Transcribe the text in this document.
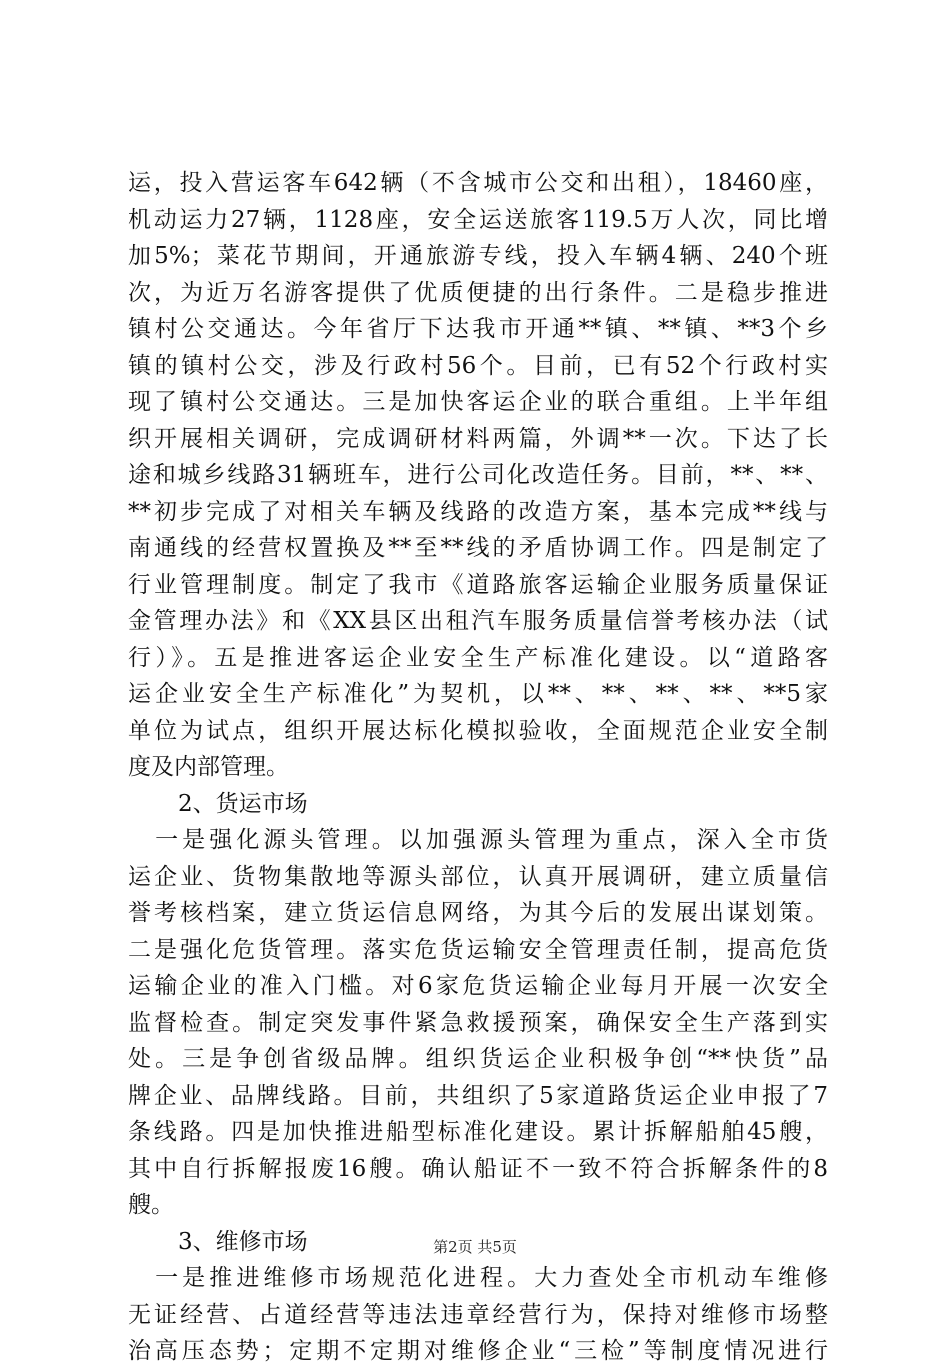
运，投入营运客车642辆（不含城市公交和出租），18460座，
机动运力27辆，1128座，安全运送旅客119.5万人次，同比增
加5%；菜花节期间，开通旅游专线，投入车辆4辆、240个班
次，为近万名游客提供了优质便捷的出行条件。二是稳步推进
镇村公交通达。今年省厅下达我市开通**镇、**镇、**3个乡
镇的镇村公交，涉及行政村56个。目前，已有52个行政村实
现了镇村公交通达。三是加快客运企业的联合重组。上半年组
织开展相关调研，完成调研材料两篇，外调**一次。下达了长
途和城乡线路31辆班车，进行公司化改造任务。目前，**、**、
**初步完成了对相关车辆及线路的改造方案，基本完成**线与
南通线的经营权置换及**至**线的矛盾协调工作。四是制定了
行业管理制度。制定了我市《道路旅客运输企业服务质量保证
金管理办法》和《XX县区出租汽车服务质量信誉考核办法（试
行）》。五是推进客运企业安全生产标准化建设。以“道路客
运企业安全生产标准化”为契机，以**、**、**、**、**5家
单位为试点，组织开展达标化模拟验收，全面规范企业安全制
度及内部管理。
2、货运市场
　一是强化源头管理。以加强源头管理为重点，深入全市货
运企业、货物集散地等源头部位，认真开展调研，建立质量信
誉考核档案，建立货运信息网络，为其今后的发展出谋划策。
二是强化危货管理。落实危货运输安全管理责任制，提高危货
运输企业的准入门槛。对6家危货运输企业每月开展一次安全
监督检查。制定突发事件紧急救援预案，确保安全生产落到实
处。三是争创省级品牌。组织货运企业积极争创“**快货”品
牌企业、品牌线路。目前，共组织了5家道路货运企业申报了7
条线路。四是加快推进船型标准化建设。累计拆解船舶45艘，
其中自行拆解报废16艘。确认船证不一致不符合拆解条件的8
艘。
3、维修市场
　一是推进维修市场规范化进程。大力查处全市机动车维修
无证经营、占道经营等违法违章经营行为，保持对维修市场整
治高压态势；定期不定期对维修企业“三检”等制度情况进行
第2页 共5页
